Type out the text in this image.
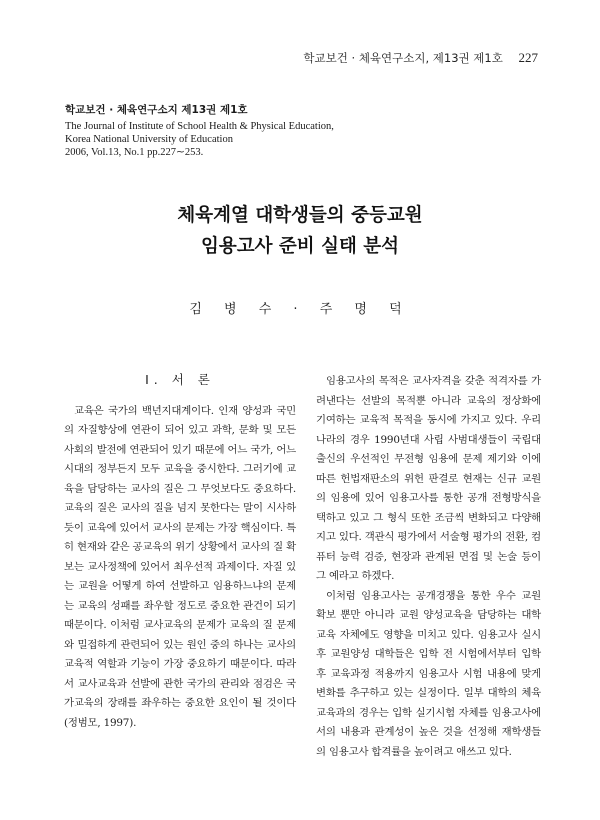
학교보건 · 체육연구소지, 제13권 제1호 227
학교보건 · 체육연구소지 제13권 제1호
The Journal of Institute of School Health & Physical Education,
Korea National University of Education
2006, Vol.13, No.1 pp.227∼253.
체육계열 대학생들의 중등교원
임용고사 준비 실태 분석
김 병 수 · 주 명 덕
I. 서 론

교육은 국가의 백년지대계이다. 인재 양성과 국민의 자질향상에 연관이 되어 있고 과학, 문화 및 모든 사회의 발전에 연관되어 있기 때문에 어느 국가, 어느 시대의 정부든지 모두 교육을 중시한다. 그러기에 교육을 담당하는 교사의 질은 그 무엇보다도 중요하다. 교육의 질은 교사의 질을 넘지 못한다는 말이 시사하듯이 교육에 있어서 교사의 문제는 가장 핵심이다. 특히 현재와 같은 공교육의 위기 상황에서 교사의 질 확보는 교사정책에 있어서 최우선적 과제이다. 자질 있는 교원을 어떻게 하여 선발하고 임용하느냐의 문제는 교육의 성패를 좌우할 정도로 중요한 관건이 되기 때문이다. 이처럼 교사교육의 문제가 교육의 질 문제와 밀접하게 관련되어 있는 원인 중의 하나는 교사의 교육적 역할과 기능이 가장 중요하기 때문이다. 따라서 교사교육과 선발에 관한 국가의 관리와 점검은 국가교육의 장래를 좌우하는 중요한 요인이 될 것이다(정범모, 1997).

임용고사의 목적은 교사자격을 갖춘 적격자를 가려낸다는 선발의 목적뿐 아니라 교육의 정상화에 기여하는 교육적 목적을 동시에 가지고 있다. 우리나라의 경우 1990년대 사립 사범대생들이 국립대 출신의 우선적인 무전형 임용에 문제 제기와 이에 따른 헌법재판소의 위헌 판결로 현재는 신규 교원의 임용에 있어 임용고사를 통한 공개 전형방식을 택하고 있고 그 형식 또한 조금씩 변화되고 다양해지고 있다. 객관식 평가에서 서술형 평가의 전환, 컴퓨터 능력 검증, 현장과 관계된 면접 및 논술 등이 그 예라고 하겠다.

이처럼 임용고사는 공개경쟁을 통한 우수 교원 확보 뿐만 아니라 교원 양성교육을 담당하는 대학 교육 자체에도 영향을 미치고 있다. 임용고사 실시 후 교원양성 대학들은 입학 전 시험에서부터 입학 후 교육과정 적용까지 임용고사 시험 내용에 맞게 변화를 추구하고 있는 실정이다. 일부 대학의 체육교육과의 경우는 입학 실기시험 자체를 임용고사에서의 내용과 관계성이 높은 것을 선정해 재학생들의 임용고사 합격률을 높이려고 애쓰고 있다.
